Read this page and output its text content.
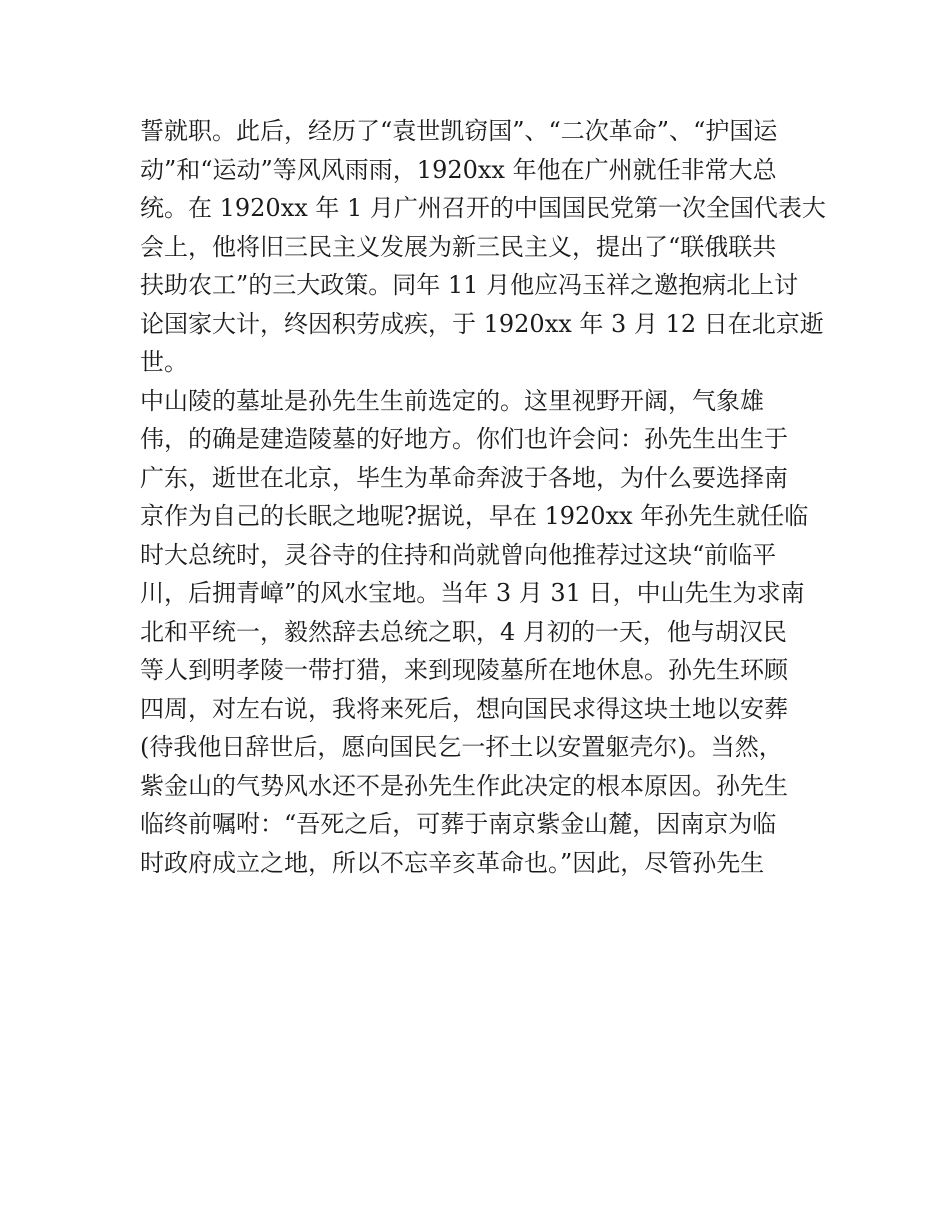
誓就职。此后，经历了“袁世凯窃国”、“二次革命”、“护国运
动”和“运动”等风风雨雨，1920xx 年他在广州就任非常大总
统。在 1920xx 年 1 月广州召开的中国国民党第一次全国代表大
会上，他将旧三民主义发展为新三民主义，提出了“联俄联共
扶助农工”的三大政策。同年 11 月他应冯玉祥之邀抱病北上讨
论国家大计，终因积劳成疾，于 1920xx 年 3 月 12 日在北京逝
世。
中山陵的墓址是孙先生生前选定的。这里视野开阔，气象雄
伟，的确是建造陵墓的好地方。你们也许会问：孙先生出生于
广东，逝世在北京，毕生为革命奔波于各地，为什么要选择南
京作为自己的长眠之地呢?据说，早在 1920xx 年孙先生就任临
时大总统时，灵谷寺的住持和尚就曾向他推荐过这块“前临平
川，后拥青嶂”的风水宝地。当年 3 月 31 日，中山先生为求南
北和平统一，毅然辞去总统之职，4 月初的一天，他与胡汉民
等人到明孝陵一带打猎，来到现陵墓所在地休息。孙先生环顾
四周，对左右说，我将来死后，想向国民求得这块土地以安葬
(待我他日辞世后，愿向国民乞一抔土以安置躯壳尔)。当然，
紫金山的气势风水还不是孙先生作此决定的根本原因。孙先生
临终前嘱咐：“吾死之后，可葬于南京紫金山麓，因南京为临
时政府成立之地，所以不忘辛亥革命也。”因此，尽管孙先生
